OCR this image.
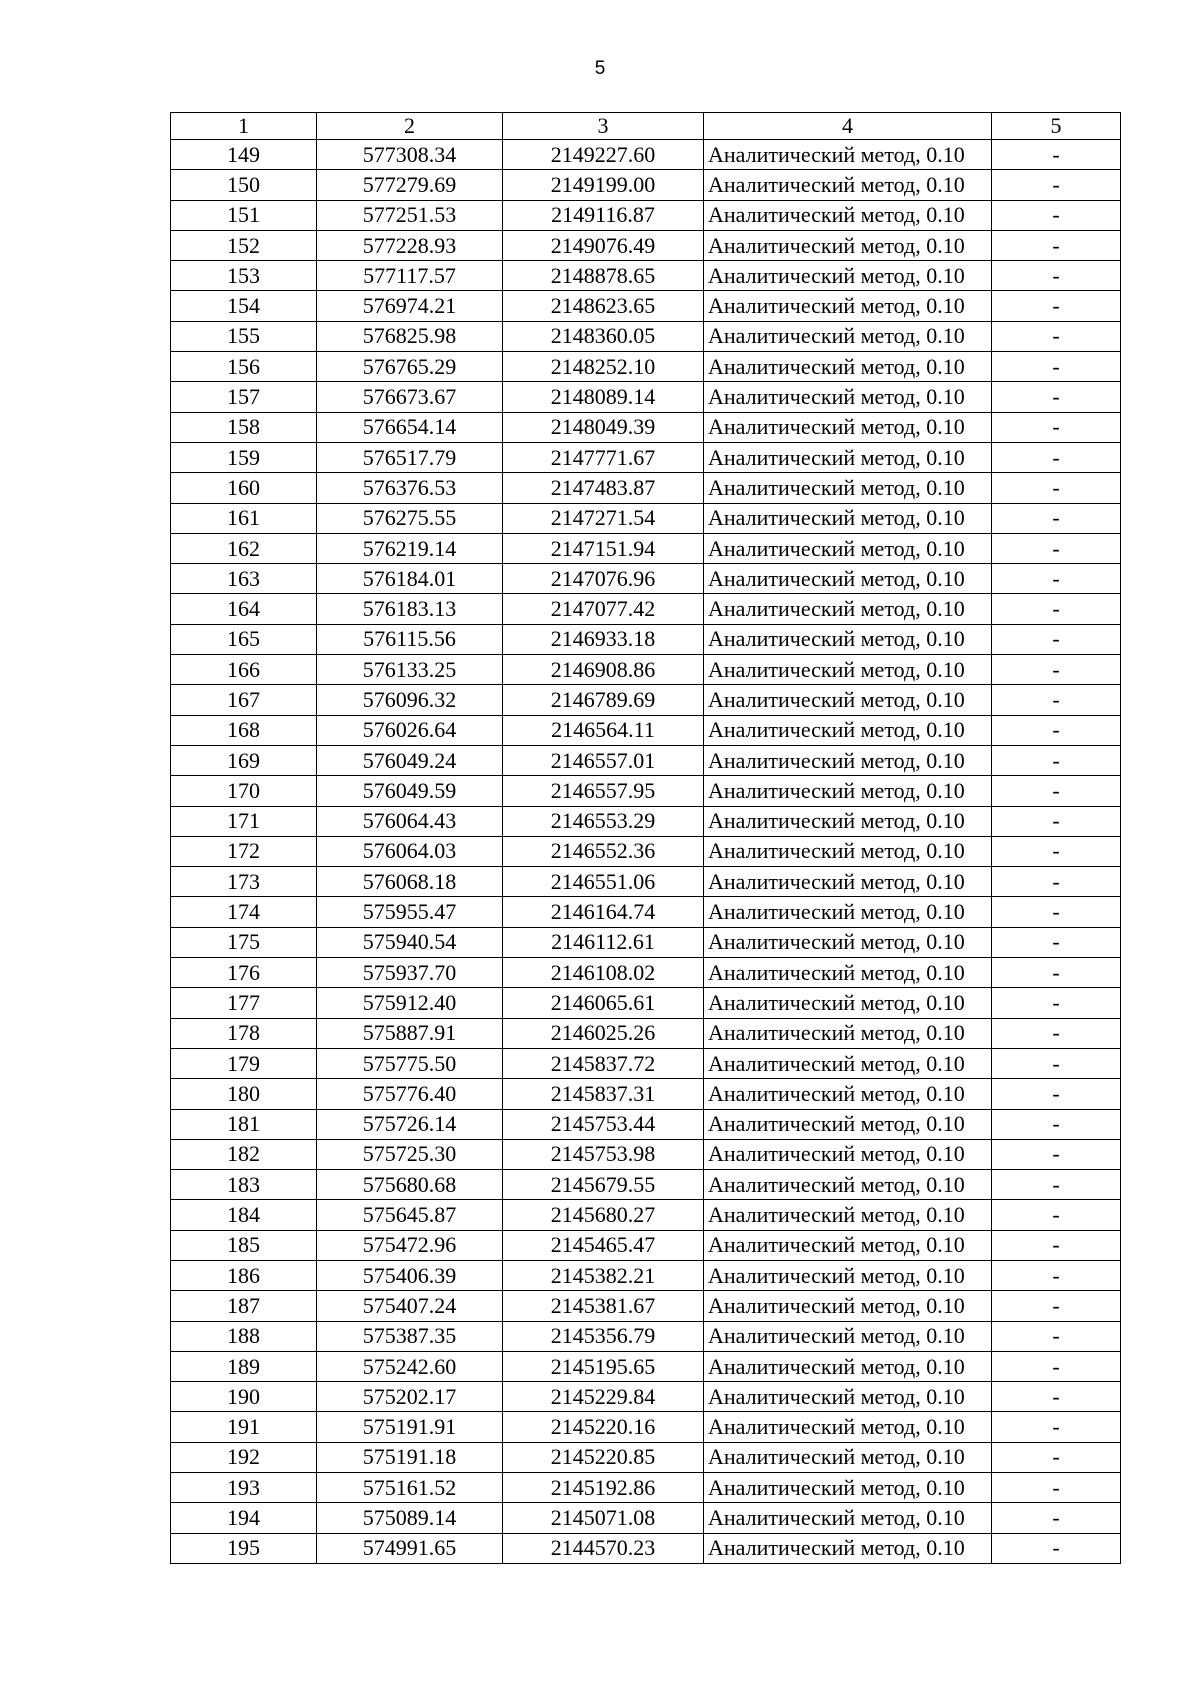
5
1	2	3	4	5
149	577308.34	2149227.60	Аналитический метод, 0.10	-
150	577279.69	2149199.00	Аналитический метод, 0.10	-
151	577251.53	2149116.87	Аналитический метод, 0.10	-
152	577228.93	2149076.49	Аналитический метод, 0.10	-
153	577117.57	2148878.65	Аналитический метод, 0.10	-
154	576974.21	2148623.65	Аналитический метод, 0.10	-
155	576825.98	2148360.05	Аналитический метод, 0.10	-
156	576765.29	2148252.10	Аналитический метод, 0.10	-
157	576673.67	2148089.14	Аналитический метод, 0.10	-
158	576654.14	2148049.39	Аналитический метод, 0.10	-
159	576517.79	2147771.67	Аналитический метод, 0.10	-
160	576376.53	2147483.87	Аналитический метод, 0.10	-
161	576275.55	2147271.54	Аналитический метод, 0.10	-
162	576219.14	2147151.94	Аналитический метод, 0.10	-
163	576184.01	2147076.96	Аналитический метод, 0.10	-
164	576183.13	2147077.42	Аналитический метод, 0.10	-
165	576115.56	2146933.18	Аналитический метод, 0.10	-
166	576133.25	2146908.86	Аналитический метод, 0.10	-
167	576096.32	2146789.69	Аналитический метод, 0.10	-
168	576026.64	2146564.11	Аналитический метод, 0.10	-
169	576049.24	2146557.01	Аналитический метод, 0.10	-
170	576049.59	2146557.95	Аналитический метод, 0.10	-
171	576064.43	2146553.29	Аналитический метод, 0.10	-
172	576064.03	2146552.36	Аналитический метод, 0.10	-
173	576068.18	2146551.06	Аналитический метод, 0.10	-
174	575955.47	2146164.74	Аналитический метод, 0.10	-
175	575940.54	2146112.61	Аналитический метод, 0.10	-
176	575937.70	2146108.02	Аналитический метод, 0.10	-
177	575912.40	2146065.61	Аналитический метод, 0.10	-
178	575887.91	2146025.26	Аналитический метод, 0.10	-
179	575775.50	2145837.72	Аналитический метод, 0.10	-
180	575776.40	2145837.31	Аналитический метод, 0.10	-
181	575726.14	2145753.44	Аналитический метод, 0.10	-
182	575725.30	2145753.98	Аналитический метод, 0.10	-
183	575680.68	2145679.55	Аналитический метод, 0.10	-
184	575645.87	2145680.27	Аналитический метод, 0.10	-
185	575472.96	2145465.47	Аналитический метод, 0.10	-
186	575406.39	2145382.21	Аналитический метод, 0.10	-
187	575407.24	2145381.67	Аналитический метод, 0.10	-
188	575387.35	2145356.79	Аналитический метод, 0.10	-
189	575242.60	2145195.65	Аналитический метод, 0.10	-
190	575202.17	2145229.84	Аналитический метод, 0.10	-
191	575191.91	2145220.16	Аналитический метод, 0.10	-
192	575191.18	2145220.85	Аналитический метод, 0.10	-
193	575161.52	2145192.86	Аналитический метод, 0.10	-
194	575089.14	2145071.08	Аналитический метод, 0.10	-
195	574991.65	2144570.23	Аналитический метод, 0.10	-
